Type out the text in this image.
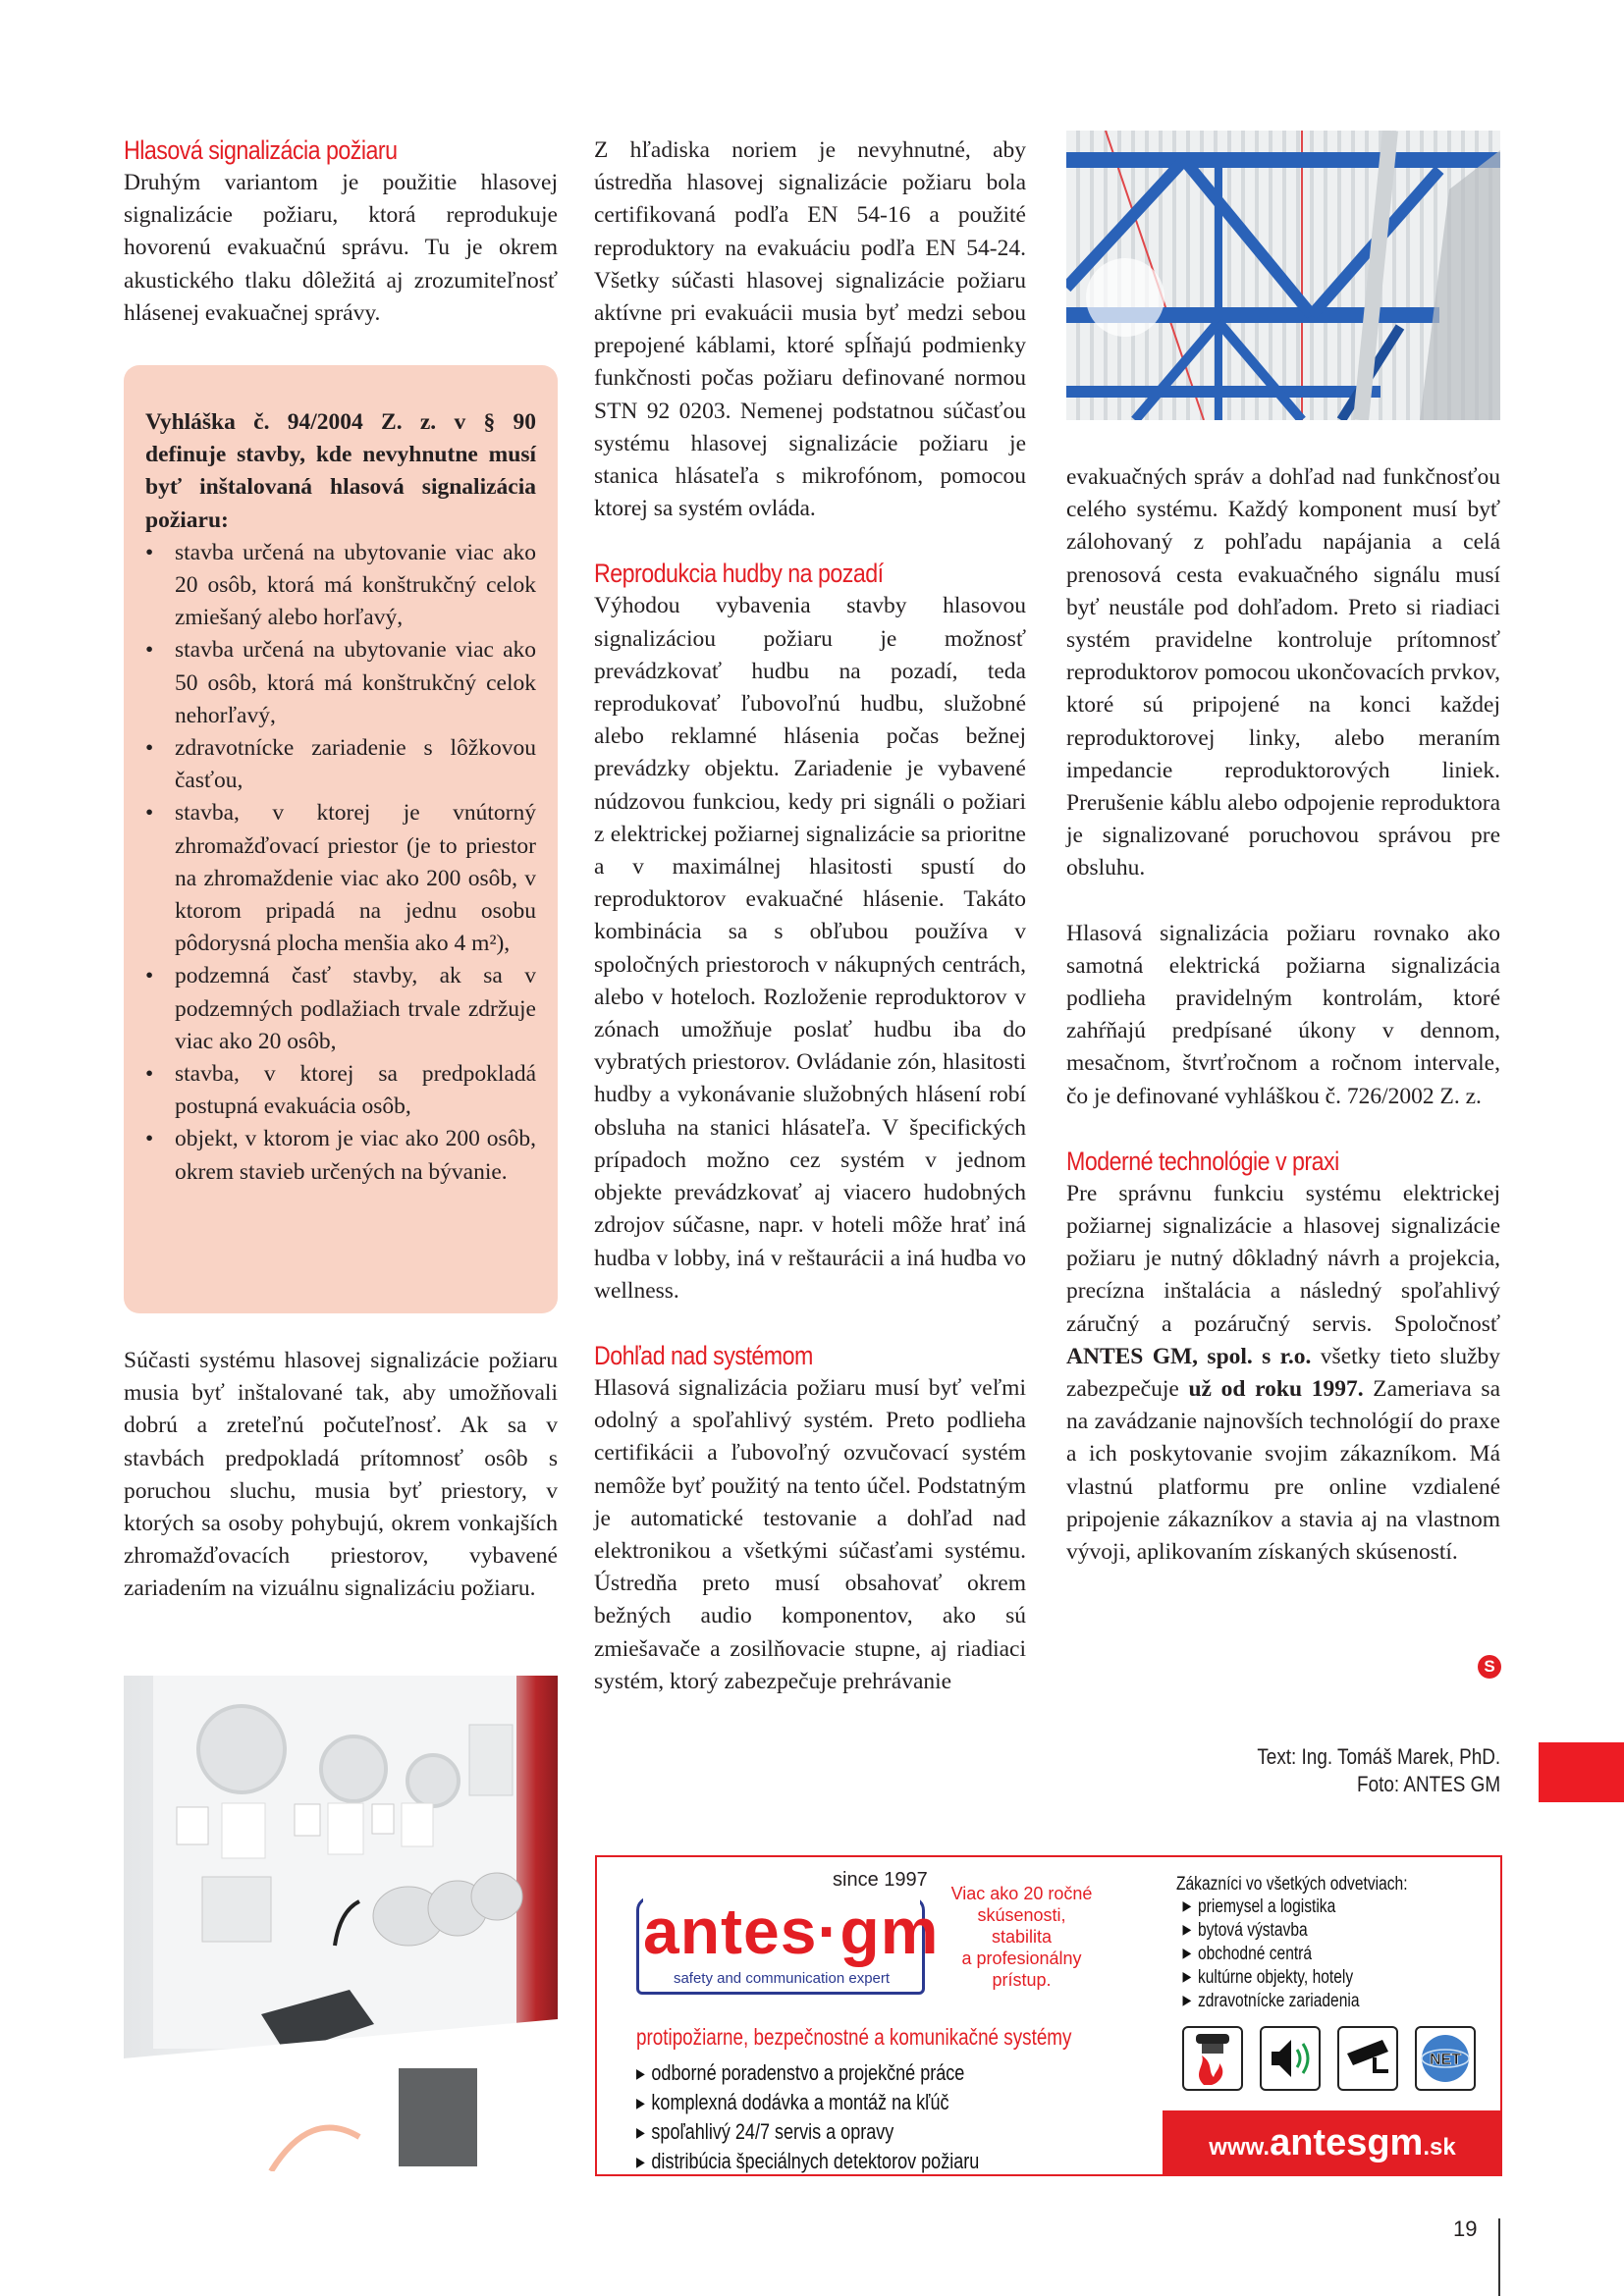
Hlasová signalizácia požiaru

Druhým variantom je použitie hlasovej signalizácie požiaru, ktorá reprodukuje hovorenú evakuačnú správu. Tu je okrem akustického tlaku dôležitá aj zrozumiteľnosť hlásenej evakuačnej správy.

Vyhláška č. 94/2004 Z. z. v § 90 definuje stavby, kde nevyhnutne musí byť inštalovaná hlasová signalizácia požiaru:

• stavba určená na ubytovanie viac ako 20 osôb, ktorá má konštrukčný celok zmiešaný alebo horľavý,
• stavba určená na ubytovanie viac ako 50 osôb, ktorá má konštrukčný celok nehorľavý,
• zdravotnícke zariadenie s lôžkovou časťou,
• stavba, v ktorej je vnútorný zhromažďovací priestor (je to priestor na zhromaždenie viac ako 200 osôb, v ktorom pripadá na jednu osobu pôdorysná plocha menšia ako 4 m²),
• podzemná časť stavby, ak sa v podzemných podlažiach trvale zdržuje viac ako 20 osôb,
• stavba, v ktorej sa predpokladá postupná evakuácia osôb,
• objekt, v ktorom je viac ako 200 osôb, okrem stavieb určených na bývanie.

Súčasti systému hlasovej signalizácie požiaru musia byť inštalované tak, aby umožňovali dobrú a zreteľnú počuteľnosť. Ak sa v stavbách predpokladá prítomnosť osôb s poruchou sluchu, musia byť priestory, v ktorých sa osoby pohybujú, okrem vonkajších zhromažďovacích priestorov, vybavené zariadením na vizuálnu signalizáciu požiaru.

Z hľadiska noriem je nevyhnutné, aby ústredňa hlasovej signalizácie požiaru bola certifikovaná podľa EN 54-16 a použité reproduktory na evakuáciu podľa EN 54-24. Všetky súčasti hlasovej signalizácie požiaru aktívne pri evakuácii musia byť medzi sebou prepojené káblami, ktoré spĺňajú podmienky funkčnosti počas požiaru definované normou STN 92 0203. Nemenej podstatnou súčasťou systému hlasovej signalizácie požiaru je stanica hlásateľa s mikrofónom, pomocou ktorej sa systém ovláda.

Reprodukcia hudby na pozadí

Výhodou vybavenia stavby hlasovou signalizáciou požiaru je možnosť prevádzkovať hudbu na pozadí, teda reprodukovať ľubovoľnú hudbu, služobné alebo reklamné hlásenia počas bežnej prevádzky objektu. Zariadenie je vybavené núdzovou funkciou, kedy pri signáli o požiari z elektrickej požiarnej signalizácie sa prioritne a v maximálnej hlasitosti spustí do reproduktorov evakuačné hlásenie. Takáto kombinácia sa s obľubou používa v spoločných priestoroch v nákupných centrách, alebo v hoteloch. Rozloženie reproduktorov v zónach umožňuje poslať hudbu iba do vybratých priestorov. Ovládanie zón, hlasitosti hudby a vykonávanie služobných hlásení robí obsluha na stanici hlásateľa. V špecifických prípadoch možno cez systém v jednom objekte prevádzkovať aj viacero hudobných zdrojov súčasne, napr. v hoteli môže hrať iná hudba v lobby, iná v reštaurácii a iná hudba vo wellness.

Dohľad nad systémom

Hlasová signalizácia požiaru musí byť veľmi odolný a spoľahlivý systém. Preto podlieha certifikácii a ľubovoľný ozvučovací systém nemôže byť použitý na tento účel. Podstatným je automatické testovanie a dohľad nad elektronikou a všetkými súčasťami systému. Ústredňa preto musí obsahovať okrem bežných audio komponentov, ako sú zmiešavače a zosilňovacie stupne, aj riadiaci systém, ktorý zabezpečuje prehrávanie

evakuačných správ a dohľad nad funkčnosťou celého systému. Každý komponent musí byť zálohovaný z pohľadu napájania a celá prenosová cesta evakuačného signálu musí byť neustále pod dohľadom. Preto si riadiaci systém pravidelne kontroluje prítomnosť reproduktorov pomocou ukončovacích prvkov, ktoré sú pripojené na konci každej reproduktorovej linky, alebo meraním impedancie reproduktorových liniek. Prerušenie káblu alebo odpojenie reproduktora je signalizované poruchovou správou pre obsluhu.

Hlasová signalizácia požiaru rovnako ako samotná elektrická požiarna signalizácia podlieha pravidelným kontrolám, ktoré zahŕňajú predpísané úkony v dennom, mesačnom, štvrťročnom a ročnom intervale, čo je definované vyhláškou č. 726/2002 Z. z.

Moderné technológie v praxi

Pre správnu funkciu systému elektrickej požiarnej signalizácie a hlasovej signalizácie požiaru je nutný dôkladný návrh a projekcia, precízna inštalácia a následný spoľahlivý záručný a pozáručný servis. Spoločnosť ANTES GM, spol. s r.o. všetky tieto služby zabezpečuje už od roku 1997. Zameriava sa na zavádzanie najnovších technológií do praxe a ich poskytovanie svojim zákazníkom. Má vlastnú platformu pre online vzdialené pripojenie zákazníkov a stavia aj na vlastnom vývoji, aplikovaním získaných skúseností.

S
Text: Ing. Tomáš Marek, PhD.
Foto: ANTES GM
since 1997
antes·gm
safety and communication expert
Viac ako 20 ročné
skúsenosti,
stabilita
a profesionálny
prístup.
protipožiarne, bezpečnostné a komunikačné systémy
▶ odborné poradenstvo a projekčné práce
▶ komplexná dodávka a montáž na kľúč
▶ spoľahlivý 24/7 servis a opravy
▶ distribúcia špeciálnych detektorov požiaru
Zákazníci vo všetkých odvetviach:
▶ priemysel a logistika
▶ bytová výstavba
▶ obchodné centrá
▶ kultúrne objekty, hotely
▶ zdravotnícke zariadenia
NET
www.antesgm.sk
19
